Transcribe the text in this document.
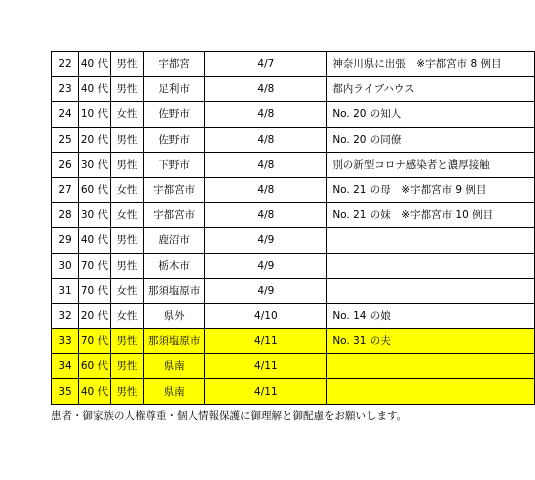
22	40 代	男性	宇都宮	4/7	神奈川県に出張　※宇都宮市 8 例目
23	40 代	男性	足利市	4/8	都内ライブハウス
24	10 代	女性	佐野市	4/8	No. 20 の知人
25	20 代	男性	佐野市	4/8	No. 20 の同僚
26	30 代	男性	下野市	4/8	別の新型コロナ感染者と濃厚接触
27	60 代	女性	宇都宮市	4/8	No. 21 の母　※宇都宮市 9 例目
28	30 代	女性	宇都宮市	4/8	No. 21 の妹　※宇都宮市 10 例目
29	40 代	男性	鹿沼市	4/9	
30	70 代	男性	栃木市	4/9	
31	70 代	女性	那須塩原市	4/9	
32	20 代	女性	県外	4/10	No. 14 の娘
33	70 代	男性	那須塩原市	4/11	No. 31 の夫
34	60 代	男性	県南	4/11	
35	40 代	男性	県南	4/11	
患者・御家族の人権尊重・個人情報保護に御理解と御配慮をお願いします。
